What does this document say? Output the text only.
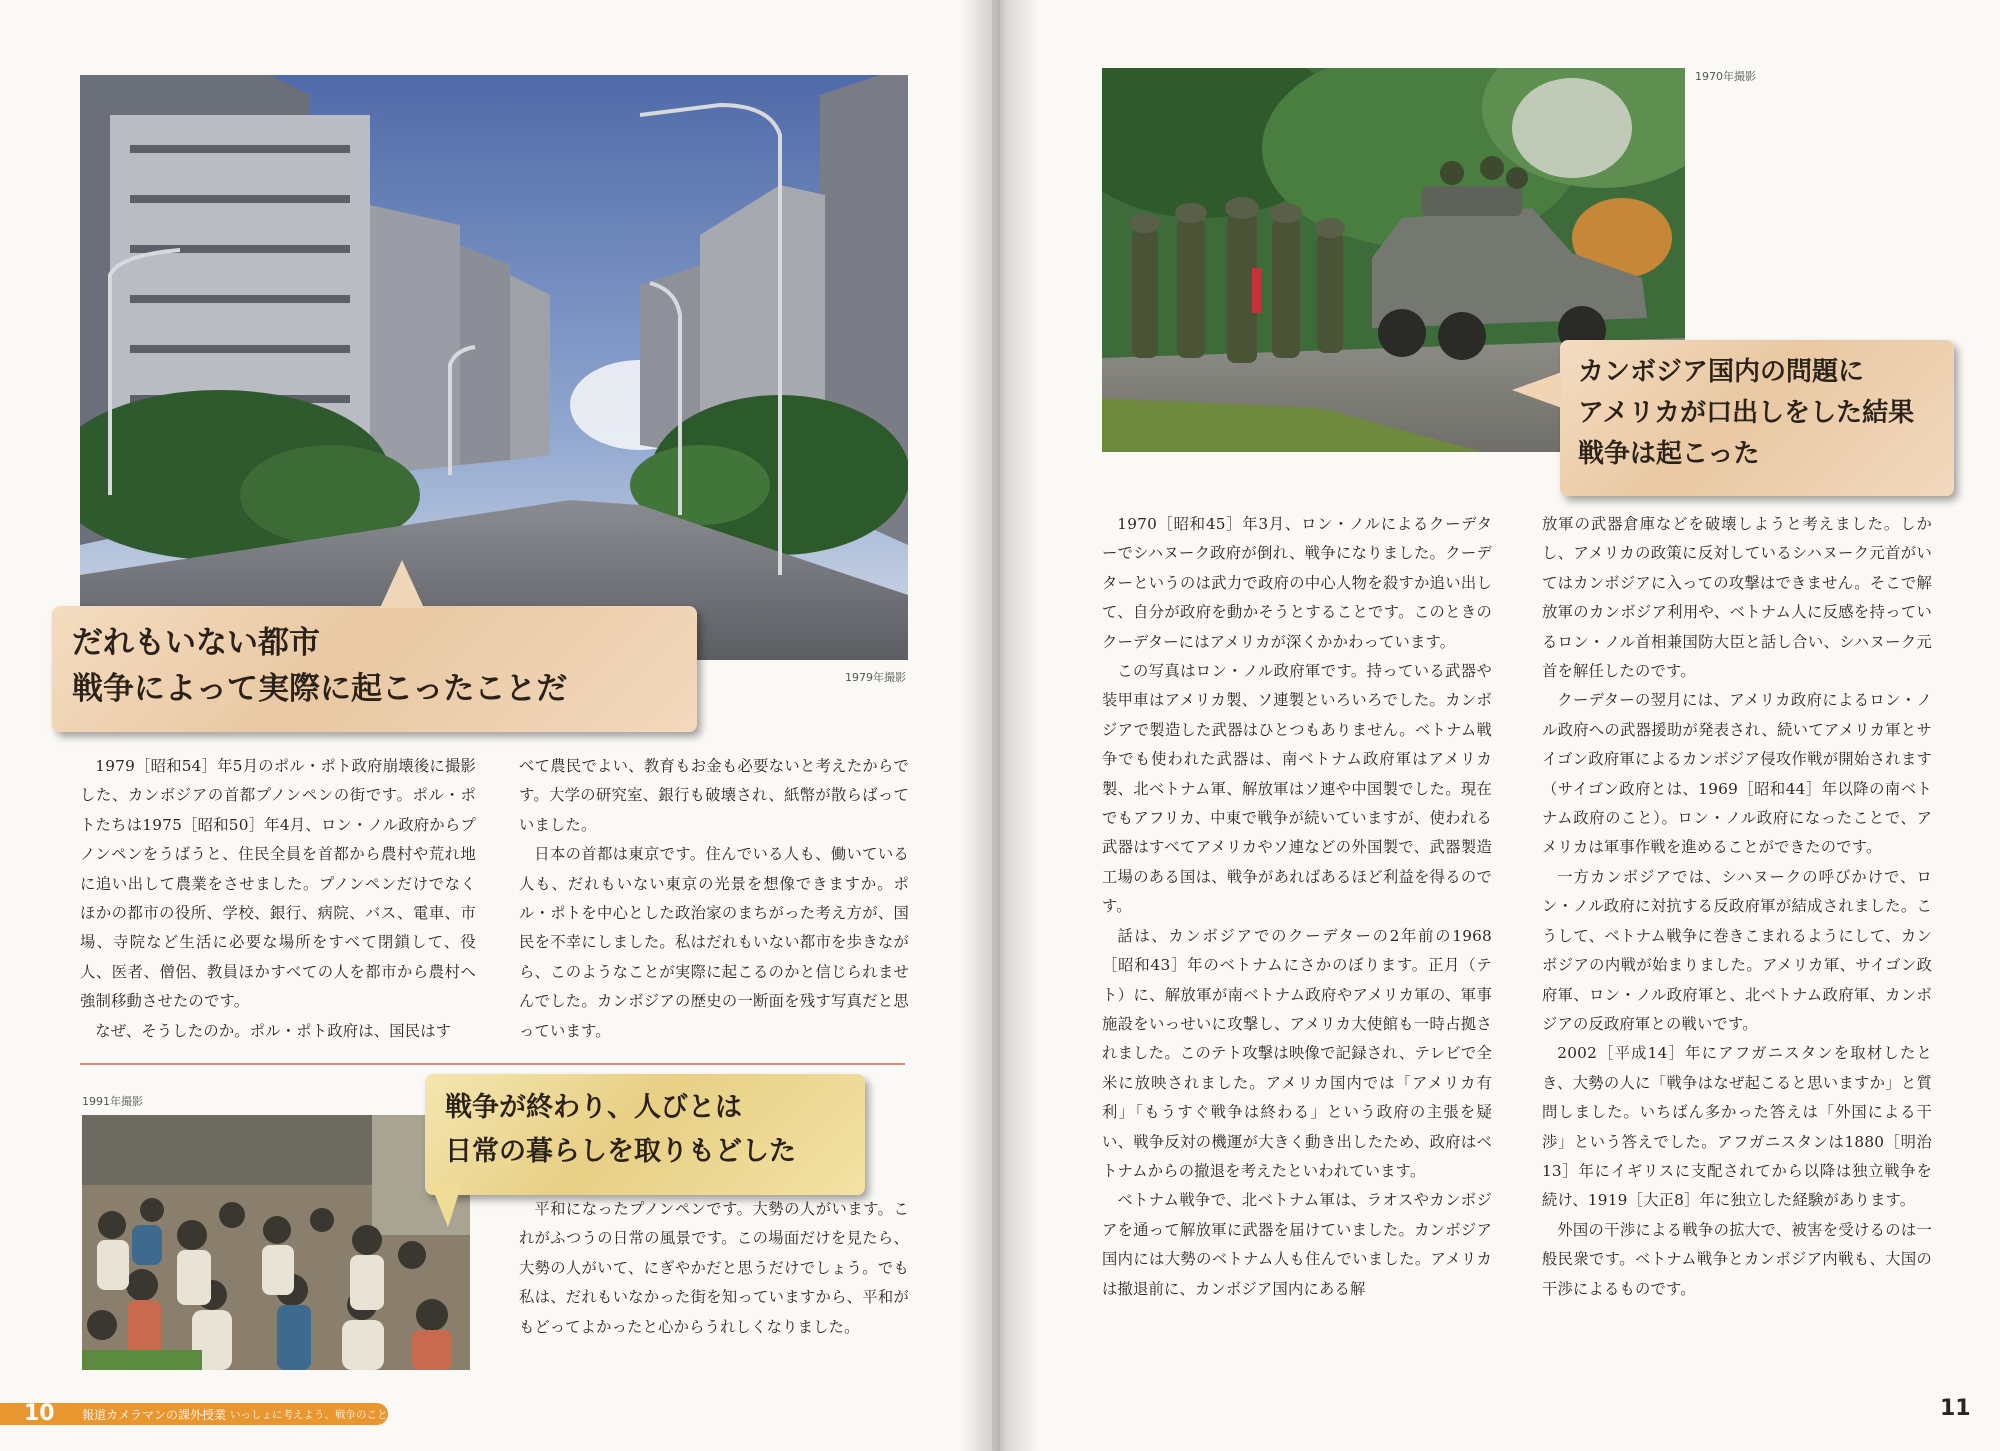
1979年撮影
だれもいない都市
戦争によって実際に起こったことだ

1979［昭和54］年5月のポル・ポト政府崩壊後に撮影した、カンボジアの首都プノンペンの街です。ポル・ポトたちは1975［昭和50］年4月、ロン・ノル政府からプノンペンをうばうと、住民全員を首都から農村や荒れ地に追い出して農業をさせました。プノンペンだけでなくほかの都市の役所、学校、銀行、病院、バス、電車、市場、寺院など生活に必要な場所をすべて閉鎖して、役人、医者、僧侶、教員ほかすべての人を都市から農村へ強制移動させたのです。

なぜ、そうしたのか。ポル・ポト政府は、国民はす

べて農民でよい、教育もお金も必要ないと考えたからです。大学の研究室、銀行も破壊され、紙幣が散らばっていました。

日本の首都は東京です。住んでいる人も、働いている人も、だれもいない東京の光景を想像できますか。ポル・ポトを中心とした政治家のまちがった考え方が、国民を不幸にしました。私はだれもいない都市を歩きながら、このようなことが実際に起こるのかと信じられませんでした。カンボジアの歴史の一断面を残す写真だと思っています。

1991年撮影	戦争が終わり、人びとは
日常の暮らしを取りもどした

平和になったプノンペンです。大勢の人がいます。これがふつうの日常の風景です。この場面だけを見たら、大勢の人がいて、にぎやかだと思うだけでしょう。でも私は、だれもいなかった街を知っていますから、平和がもどってよかったと心からうれしくなりました。

10 報道カメラマンの課外授業 いっしょに考えよう、戦争のこと
1970年撮影
カンボジア国内の問題に
アメリカが口出しをした結果
戦争は起こった

1970［昭和45］年3月、ロン・ノルによるクーデターでシハヌーク政府が倒れ、戦争になりました。クーデターというのは武力で政府の中心人物を殺すか追い出して、自分が政府を動かそうとすることです。このときのクーデターにはアメリカが深くかかわっています。

この写真はロン・ノル政府軍です。持っている武器や装甲車はアメリカ製、ソ連製といろいろでした。カンボジアで製造した武器はひとつもありません。ベトナム戦争でも使われた武器は、南ベトナム政府軍はアメリカ製、北ベトナム軍、解放軍はソ連や中国製でした。現在でもアフリカ、中東で戦争が続いていますが、使われる武器はすべてアメリカやソ連などの外国製で、武器製造工場のある国は、戦争があればあるほど利益を得るのです。

話は、カンボジアでのクーデターの2年前の1968［昭和43］年のベトナムにさかのぼります。正月（テト）に、解放軍が南ベトナム政府やアメリカ軍の、軍事施設をいっせいに攻撃し、アメリカ大使館も一時占拠されました。このテト攻撃は映像で記録され、テレビで全米に放映されました。アメリカ国内では「アメリカ有利」「もうすぐ戦争は終わる」という政府の主張を疑い、戦争反対の機運が大きく動き出したため、政府はベトナムからの撤退を考えたといわれています。

ベトナム戦争で、北ベトナム軍は、ラオスやカンボジアを通って解放軍に武器を届けていました。カンボジア国内には大勢のベトナム人も住んでいました。アメリカは撤退前に、カンボジア国内にある解

放軍の武器倉庫などを破壊しようと考えました。しかし、アメリカの政策に反対しているシハヌーク元首がいてはカンボジアに入っての攻撃はできません。そこで解放軍のカンボジア利用や、ベトナム人に反感を持っているロン・ノル首相兼国防大臣と話し合い、シハヌーク元首を解任したのです。

クーデターの翌月には、アメリカ政府によるロン・ノル政府への武器援助が発表され、続いてアメリカ軍とサイゴン政府軍によるカンボジア侵攻作戦が開始されます（サイゴン政府とは、1969［昭和44］年以降の南ベトナム政府のこと）。ロン・ノル政府になったことで、アメリカは軍事作戦を進めることができたのです。

一方カンボジアでは、シハヌークの呼びかけで、ロン・ノル政府に対抗する反政府軍が結成されました。こうして、ベトナム戦争に巻きこまれるようにして、カンボジアの内戦が始まりました。アメリカ軍、サイゴン政府軍、ロン・ノル政府軍と、北ベトナム政府軍、カンボジアの反政府軍との戦いです。

2002［平成14］年にアフガニスタンを取材したとき、大勢の人に「戦争はなぜ起こると思いますか」と質問しました。いちばん多かった答えは「外国による干渉」という答えでした。アフガニスタンは1880［明治13］年にイギリスに支配されてから以降は独立戦争を続け、1919［大正8］年に独立した経験があります。

外国の干渉による戦争の拡大で、被害を受けるのは一般民衆です。ベトナム戦争とカンボジア内戦も、大国の干渉によるものです。

11
